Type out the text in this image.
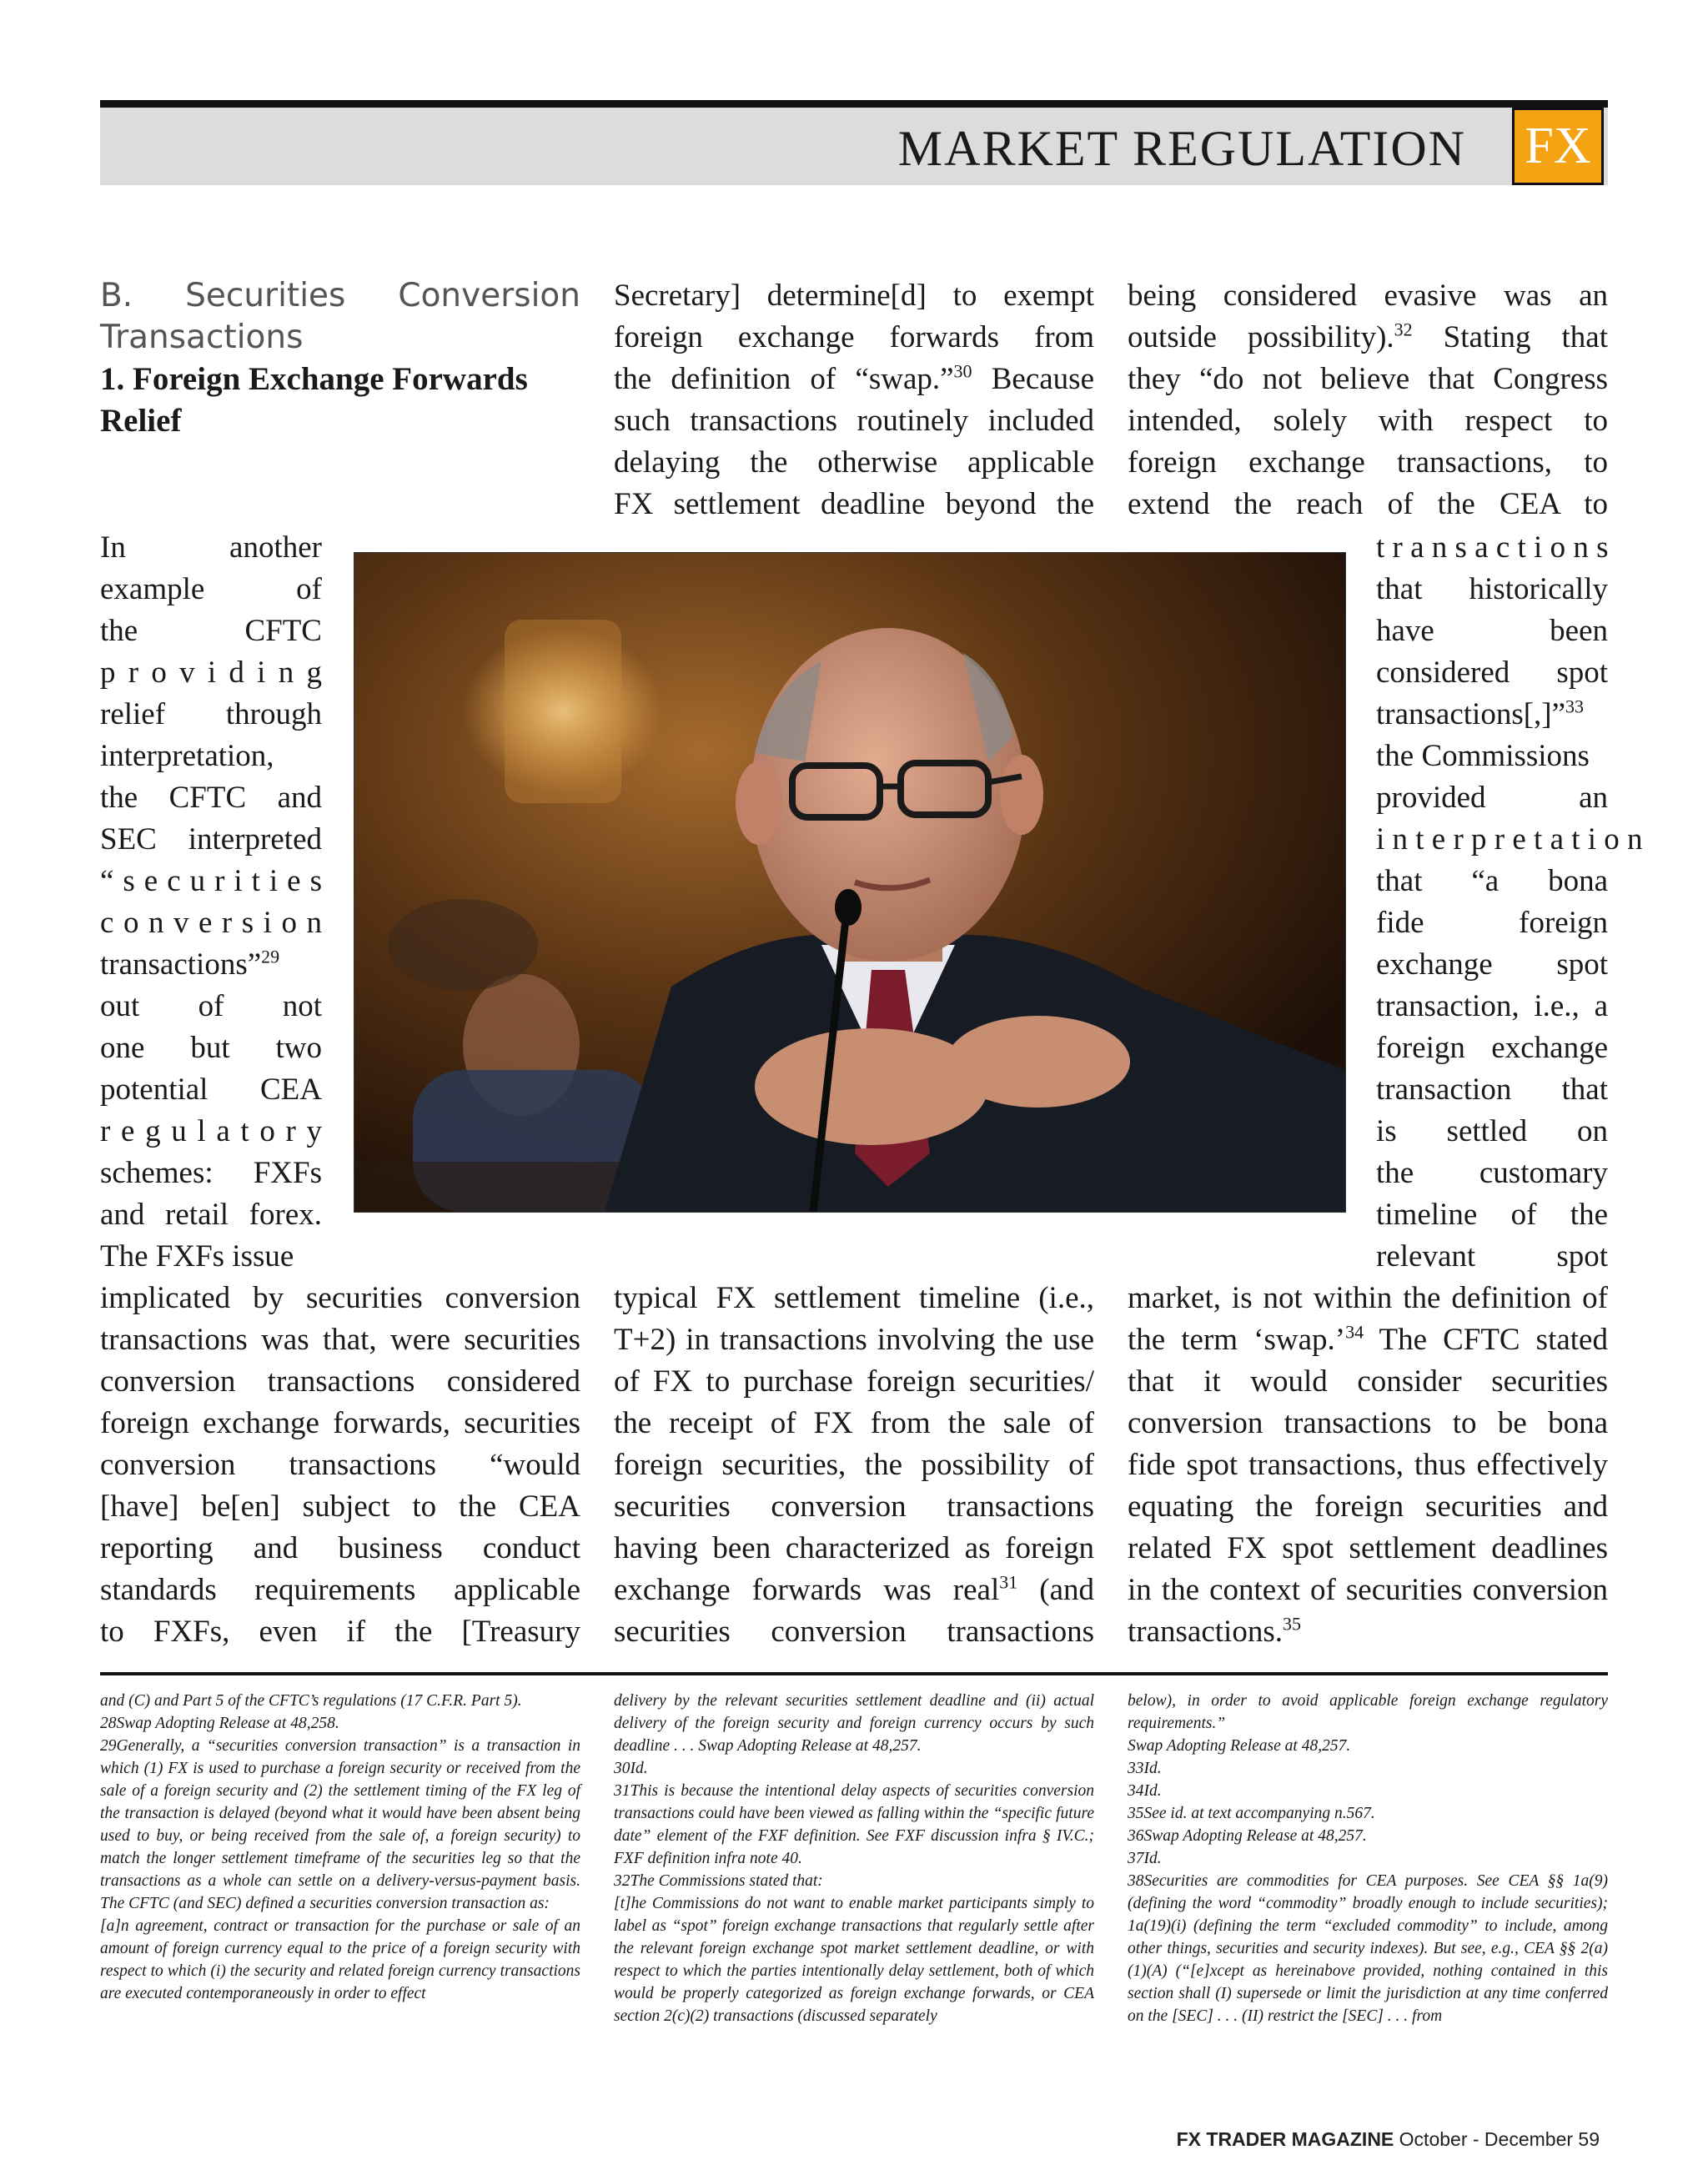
MARKET REGULATION FX

B.  Securities  Conversion Transactions

1. Foreign Exchange Forwards Relief

In another
example of
the CFTC
p r o v i d i n g
relief through
interpretation,
the CFTC and
SEC interpreted
“ s e c u r i t i e s
c o n v e r s i o n
transactions”$^{29}$
out of not
one but two
potential CEA
r e g u l a t o r y
schemes: FXFs
and retail forex.
The FXFs issue
implicated by securities conversion
transactions was that, were securities
conversion transactions considered
foreign exchange forwards, securities
conversion transactions “would
[have] be[en] subject to the CEA
reporting and business conduct
standards requirements applicable
to FXFs, even if the [Treasury
Secretary] determine[d] to exempt
foreign exchange forwards from
the definition of “swap.”$^{30}$ Because
such transactions routinely included
delaying the otherwise applicable
FX settlement deadline beyond the
typical FX settlement timeline (i.e.,
T+2) in transactions involving the use
of FX to purchase foreign securities/
the receipt of FX from the sale of
foreign securities, the possibility of
securities conversion transactions
having been characterized as foreign
exchange forwards was real$^{31}$ (and
securities conversion transactions
being considered evasive was an
outside possibility).$^{32}$ Stating that
they “do not believe that Congress
intended, solely with respect to
foreign exchange transactions, to
extend the reach of the CEA to
t r a n s a c t i o n s
that historically
have been
considered spot
transactions[,]”$^{33}$
the Commissions
provided an
i n t e r p r e t a t i o n
that “a bona
fide foreign
exchange spot
transaction, i.e., a
foreign exchange
transaction that
is settled on
the customary
timeline of the
relevant spot
market, is not within the definition of
the term ‘swap.’$^{34}$ The CFTC stated
that it would consider securities
conversion transactions to be bona
fide spot transactions, thus effectively
equating the foreign securities and
related FX spot settlement deadlines
in the context of securities conversion
transactions.$^{35}$

and (C) and Part 5 of the CFTC’s regulations (17 C.F.R. Part 5).

28Swap Adopting Release at 48,258.

29Generally, a “securities conversion transaction” is a transaction in which (1) FX is used to purchase a foreign security or received from the sale of a foreign security and (2) the settlement timing of the FX leg of the transaction is delayed (beyond what it would have been absent being used to buy, or being received from the sale of, a foreign security) to match the longer settlement timeframe of the securities leg so that the transactions as a whole can settle on a delivery-versus-payment basis. The CFTC (and SEC) defined a securities conversion transaction as:

[a]n agreement, contract or transaction for the purchase or sale of an amount of foreign currency equal to the price of a foreign security with respect to which (i) the security and related foreign currency transactions are executed contemporaneously in order to effect

delivery by the relevant securities settlement deadline and (ii) actual delivery of the foreign security and foreign currency occurs by such deadline . . . Swap Adopting Release at 48,257.

30Id.

31This is because the intentional delay aspects of securities conversion transactions could have been viewed as falling within the “specific future date” element of the FXF definition. See FXF discussion infra § IV.C.; FXF definition infra note 40.

32The Commissions stated that:

[t]he Commissions do not want to enable market participants simply to label as “spot” foreign exchange transactions that regularly settle after the relevant foreign exchange spot market settlement deadline, or with respect to which the parties intentionally delay settlement, both of which would be properly categorized as foreign exchange forwards, or CEA section 2(c)(2) transactions (discussed separately

below), in order to avoid applicable foreign exchange regulatory requirements.”

Swap Adopting Release at 48,257.

33Id.

34Id.

35See id. at text accompanying n.567.

36Swap Adopting Release at 48,257.

37Id.

38Securities are commodities for CEA purposes. See CEA §§ 1a(9) (defining the word “commodity” broadly enough to include securities); 1a(19)(i) (defining the term “excluded commodity” to include, among other things, securities and security indexes). But see, e.g., CEA §§ 2(a)(1)(A) (“[e]xcept as hereinabove provided, nothing contained in this section shall (I) supersede or limit the jurisdiction at any time conferred on the [SEC] . . . (II) restrict the [SEC] . . . from

FX TRADER MAGAZINE October - December 59
